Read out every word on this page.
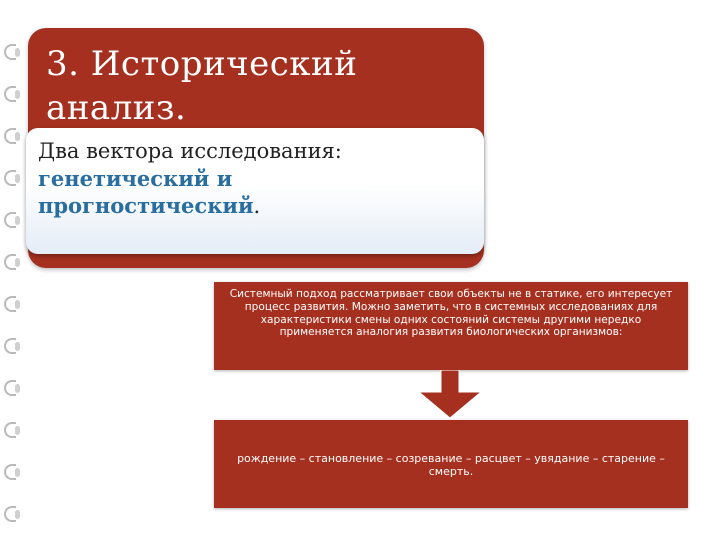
3. Исторический
анализ.
Два вектора исследования:
генетический и
прогностический.
Системный подход рассматривает свои объекты не в статике, его интересует процесс развития. Можно заметить, что в системных исследованиях для характеристики смены одних состояний системы другими нередко применяется аналогия развития биологических организмов:
рождение – становление – созревание – расцвет – увядание – старение – смерть.
